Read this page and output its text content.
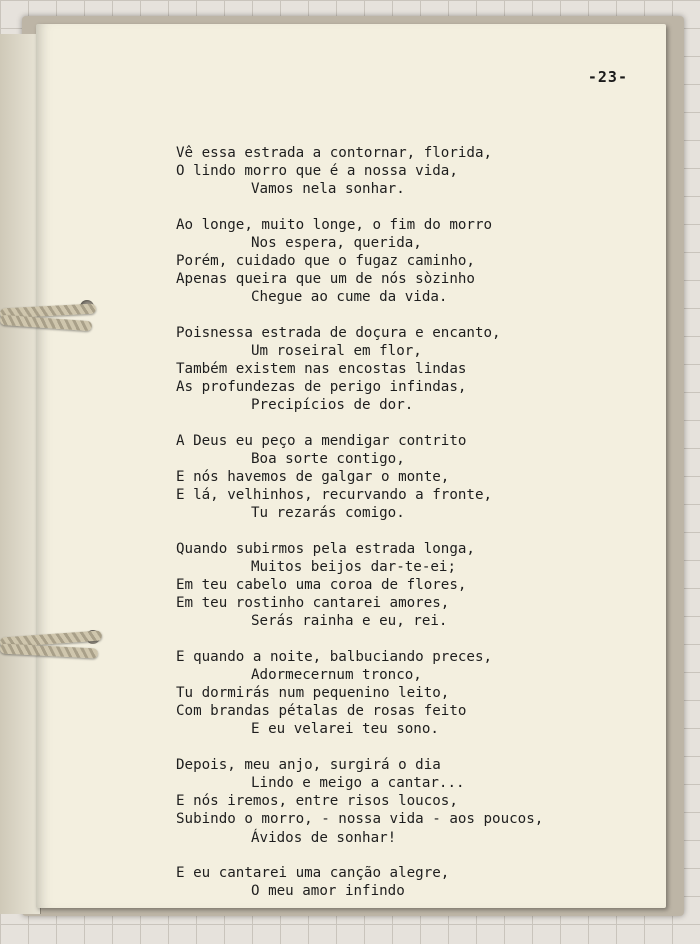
-23-
Vê essa estrada a contornar, florida,
O lindo morro que é a nossa vida,
Vamos nela sonhar.
Ao longe, muito longe, o fim do morro
Nos espera, querida,
Porém, cuidado que o fugaz caminho,
Apenas queira que um de nós sòzinho
Chegue ao cume da vida.
Poisnessa estrada de doçura e encanto,
Um roseiral em flor,
Também existem nas encostas lindas
As profundezas de perigo infindas,
Precipícios de dor.
A Deus eu peço a mendigar contrito
Boa sorte contigo,
E nós havemos de galgar o monte,
E lá, velhinhos, recurvando a fronte,
Tu rezarás comigo.
Quando subirmos pela estrada longa,
Muitos beijos dar-te-ei;
Em teu cabelo uma coroa de flores,
Em teu rostinho cantarei amores,
Serás rainha e eu, rei.
E quando a noite, balbuciando preces,
Adormecernum tronco,
Tu dormirás num pequenino leito,
Com brandas pétalas de rosas feito
E eu velarei teu sono.
Depois, meu anjo, surgirá o dia
Lindo e meigo a cantar...
E nós iremos, entre risos loucos,
Subindo o morro, - nossa vida - aos poucos,
Ávidos de sonhar!
E eu cantarei uma canção alegre,
O meu amor infindo
